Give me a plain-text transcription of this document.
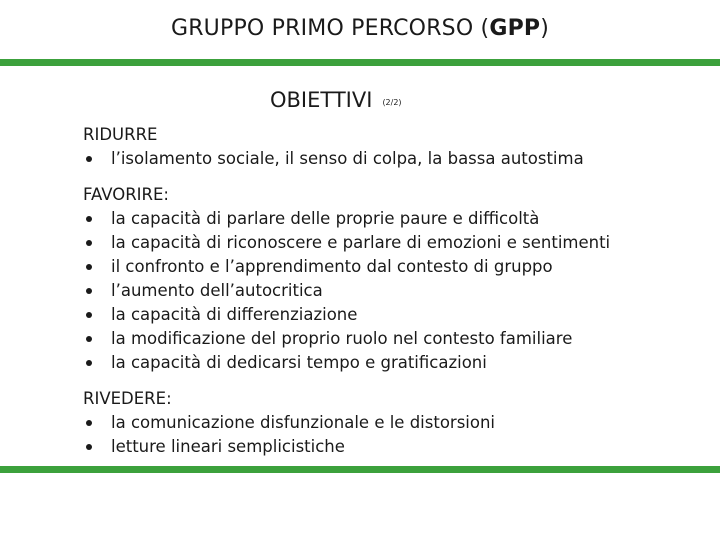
GRUPPO PRIMO PERCORSO (GPP)
OBIETTIVI (2/2)
RIDURRE
l’isolamento sociale, il senso di colpa, la bassa autostima
FAVORIRE:
la capacità di parlare delle proprie paure e difficoltà
la capacità di riconoscere e parlare di emozioni e sentimenti
il confronto e l’apprendimento dal contesto di gruppo
l’aumento dell’autocritica
la capacità di differenziazione
la modificazione del proprio ruolo nel contesto familiare
la capacità di dedicarsi tempo e gratificazioni
RIVEDERE:
la comunicazione disfunzionale e le distorsioni
letture lineari semplicistiche
